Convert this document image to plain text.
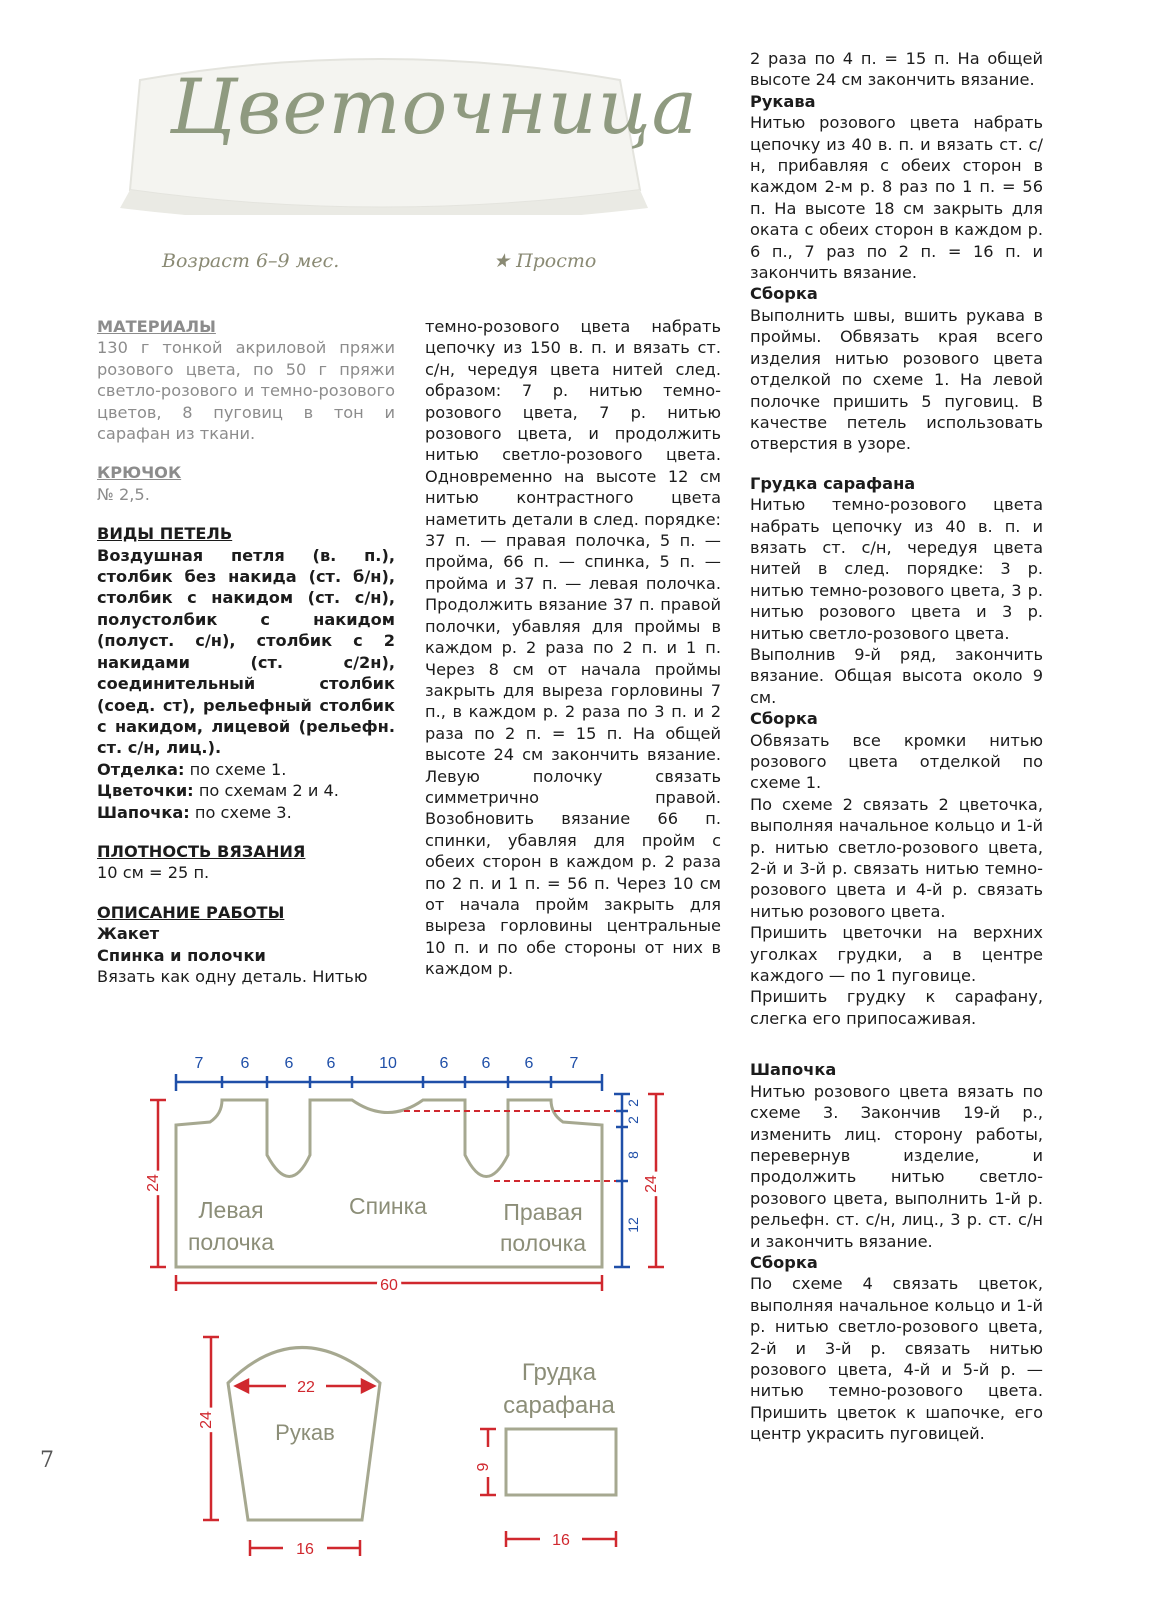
Цветочница
Возраст 6–9 мес.	★ Просто

МАТЕРИАЛЫ

130 г тонкой акриловой пряжи розового цвета, по 50 г пряжи светло-розового и темно-розового цветов, 8 пуговиц в тон и сарафан из ткани.

КРЮЧОК

№ 2,5.

ВИДЫ ПЕТЕЛЬ

Воздушная петля (в. п.), столбик без накида (ст. б/н), столбик с накидом (ст. с/н), полустолбик с накидом (полуст. с/н), столбик с 2 накидами (ст. с/2н), соединительный столбик (соед. ст), рельефный столбик с накидом, лицевой (рельефн. ст. с/н, лиц.).

Отделка: по схеме 1.

Цветочки: по схемам 2 и 4.

Шапочка: по схеме 3.

ПЛОТНОСТЬ ВЯЗАНИЯ

10 см = 25 п.

ОПИСАНИЕ РАБОТЫ

Жакет

Спинка и полочки

Вязать как одну деталь. Нитью

темно-розового цвета набрать цепочку из 150 в. п. и вязать ст. с/н, чередуя цвета нитей след. образом: 7 р. нитью темно-розового цвета, 7 р. нитью розового цвета, и продолжить нитью светло-розового цвета. Одновременно на высоте 12 см нитью контрастного цвета наметить детали в след. порядке: 37 п. — правая полочка, 5 п. — пройма, 66 п. — спинка, 5 п. — пройма и 37 п. — левая полочка. Продолжить вязание 37 п. правой полочки, убавляя для проймы в каждом р. 2 раза по 2 п. и 1 п. Через 8 см от начала проймы закрыть для выреза горловины 7 п., в каждом р. 2 раза по 3 п. и 2 раза по 2 п. = 15 п. На общей высоте 24 см закончить вязание. Левую полочку связать симметрично правой. Возобновить вязание 66 п. спинки, убавляя для пройм с обеих сторон в каждом р. 2 раза по 2 п. и 1 п. = 56 п. Через 10 см от начала пройм закрыть для выреза горловины центральные 10 п. и по обе стороны от них в каждом р.

2 раза по 4 п. = 15 п. На общей высоте 24 см закончить вязание.

Рукава

Нитью розового цвета набрать цепочку из 40 в. п. и вязать ст. с/н, прибавляя с обеих сторон в каждом 2-м р. 8 раз по 1 п. = 56 п. На высоте 18 см закрыть для оката с обеих сторон в каждом р. 6 п., 7 раз по 2 п. = 16 п. и закончить вязание.

Сборка

Выполнить швы, вшить рукава в проймы. Обвязать края всего изделия нитью розового цвета отделкой по схеме 1. На левой полочке пришить 5 пуговиц. В качестве петель использовать отверстия в узоре.

Грудка сарафана

Нитью темно-розового цвета набрать цепочку из 40 в. п. и вязать ст. с/н, чередуя цвета нитей в след. порядке: 3 р. нитью темно-розового цвета, 3 р. нитью розового цвета и 3 р. нитью светло-розового цвета.

Выполнив 9-й ряд, закончить вязание. Общая высота около 9 см.

Сборка

Обвязать все кромки нитью розового цвета отделкой по схеме 1.

По схеме 2 связать 2 цветочка, выполняя начальное кольцо и 1-й р. нитью светло-розового цвета, 2-й и 3-й р. связать нитью темно-розового цвета и 4-й р. связать нитью розового цвета.

Пришить цветочки на верхних уголках грудки, а в центре каждого — по 1 пуговице.

Пришить грудку к сарафану, слегка его припосаживая.

Шапочка

Нитью розового цвета вязать по схеме 3. Закончив 19-й р., изменить лиц. сторону работы, перевернув изделие, и продолжить нитью светло-розового цвета, выполнить 1-й р. рельефн. ст. с/н, лиц., 3 р. ст. с/н и закончить вязание.

Сборка

По схеме 4 связать цветок, выполняя начальное кольцо и 1-й р. нитью светло-розового цвета, 2-й и 3-й р. связать нитью розового цвета, 4-й и 5-й р. — нитью темно-розового цвета. Пришить цветок к шапочке, его центр украсить пуговицей.

7 6 6 6	10	6 6 6 7
Левая
полочка
Спинка	Правая
полочка
60
24
2
2
8
12
24
22
Рукав
24
16
Грудка
сарафана
9
16
7
